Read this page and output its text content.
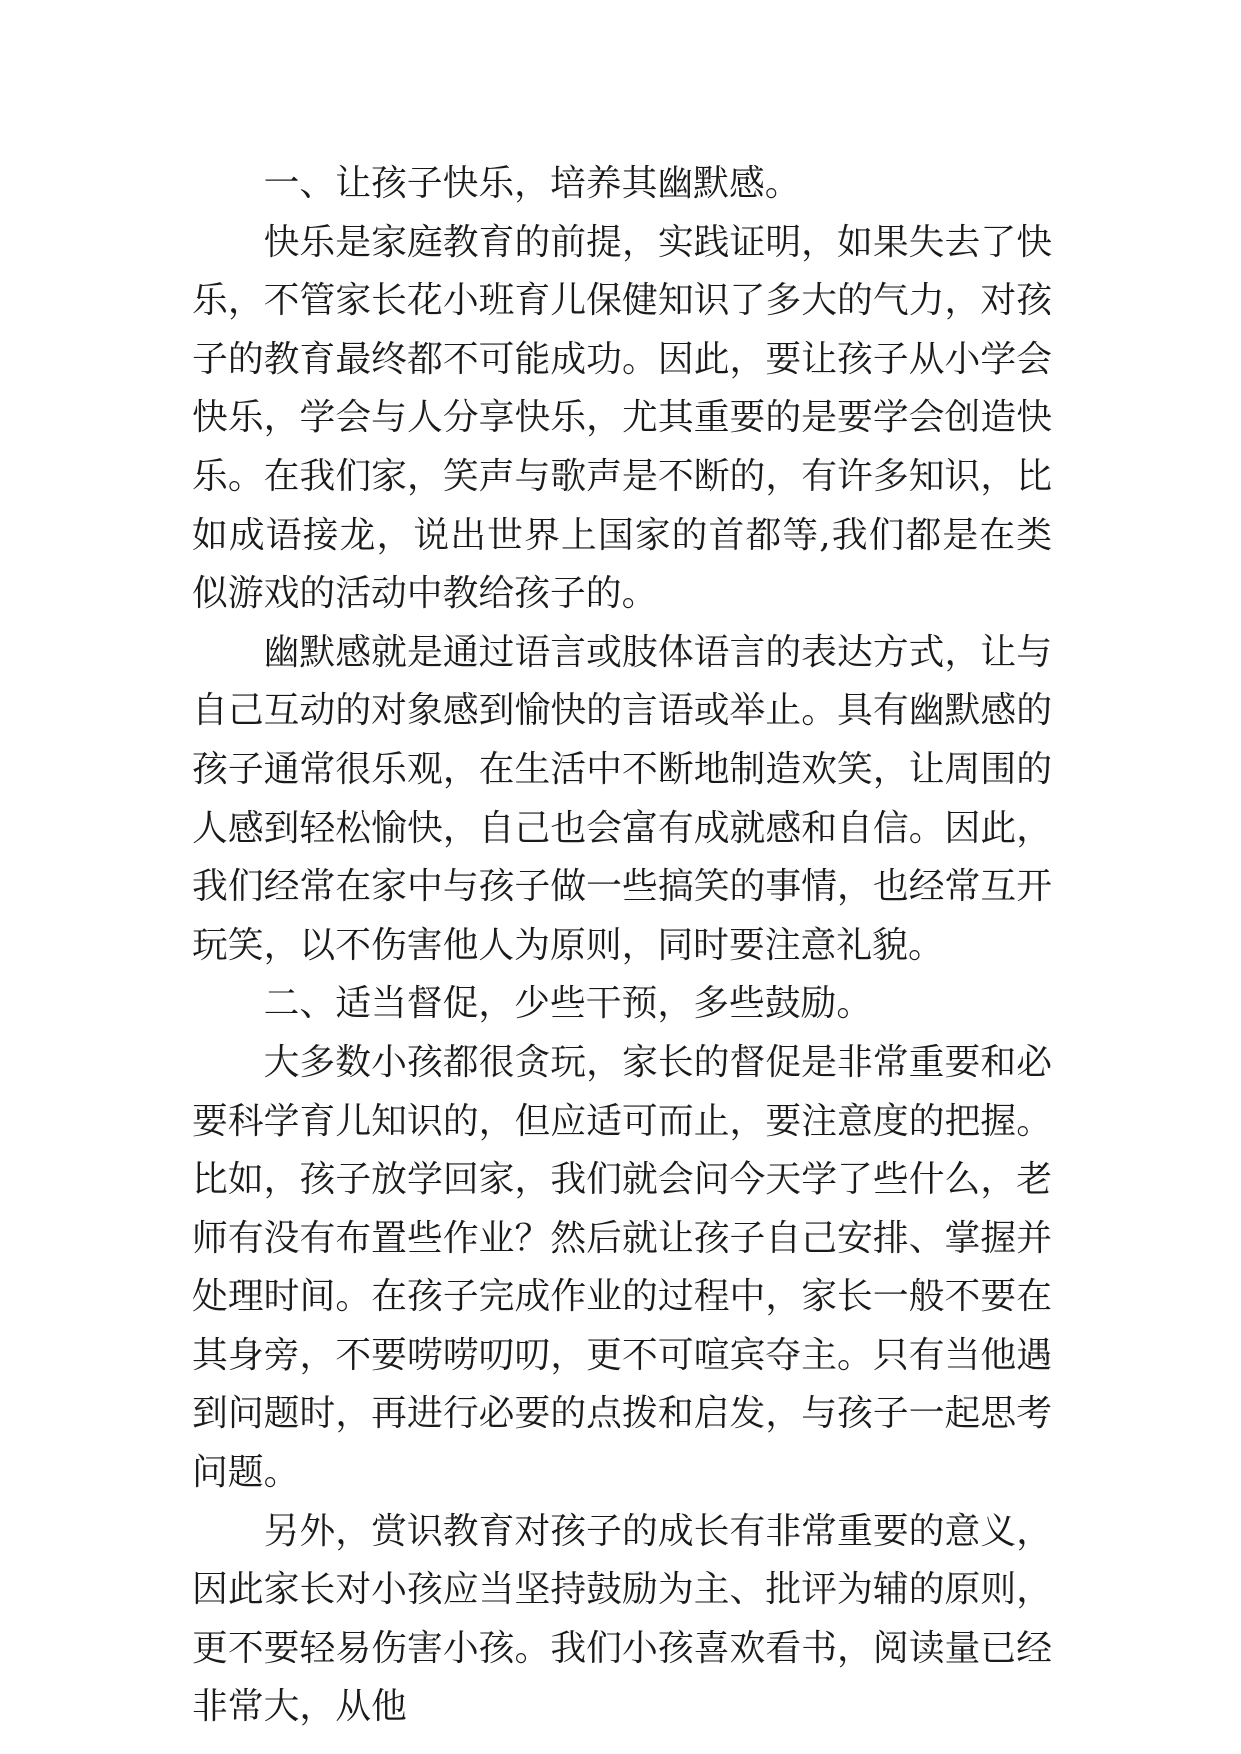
一、让孩子快乐，培养其幽默感。

快乐是家庭教育的前提，实践证明，如果失去了快乐，不管家长花小班育儿保健知识了多大的气力，对孩子的教育最终都不可能成功。因此，要让孩子从小学会快乐，学会与人分享快乐，尤其重要的是要学会创造快乐。在我们家，笑声与歌声是不断的，有许多知识，比如成语接龙，说出世界上国家的首都等,我们都是在类似游戏的活动中教给孩子的。

幽默感就是通过语言或肢体语言的表达方式，让与自己互动的对象感到愉快的言语或举止。具有幽默感的孩子通常很乐观，在生活中不断地制造欢笑，让周围的人感到轻松愉快，自己也会富有成就感和自信。因此，我们经常在家中与孩子做一些搞笑的事情，也经常互开玩笑，以不伤害他人为原则，同时要注意礼貌。

二、适当督促，少些干预，多些鼓励。

大多数小孩都很贪玩，家长的督促是非常重要和必要科学育儿知识的，但应适可而止，要注意度的把握。比如，孩子放学回家，我们就会问今天学了些什么，老师有没有布置些作业？然后就让孩子自己安排、掌握并处理时间。在孩子完成作业的过程中，家长一般不要在其身旁，不要唠唠叨叨，更不可喧宾夺主。只有当他遇到问题时，再进行必要的点拨和启发，与孩子一起思考问题。

另外，赏识教育对孩子的成长有非常重要的意义，因此家长对小孩应当坚持鼓励为主、批评为辅的原则，更不要轻易伤害小孩。我们小孩喜欢看书，阅读量已经非常大，从他
